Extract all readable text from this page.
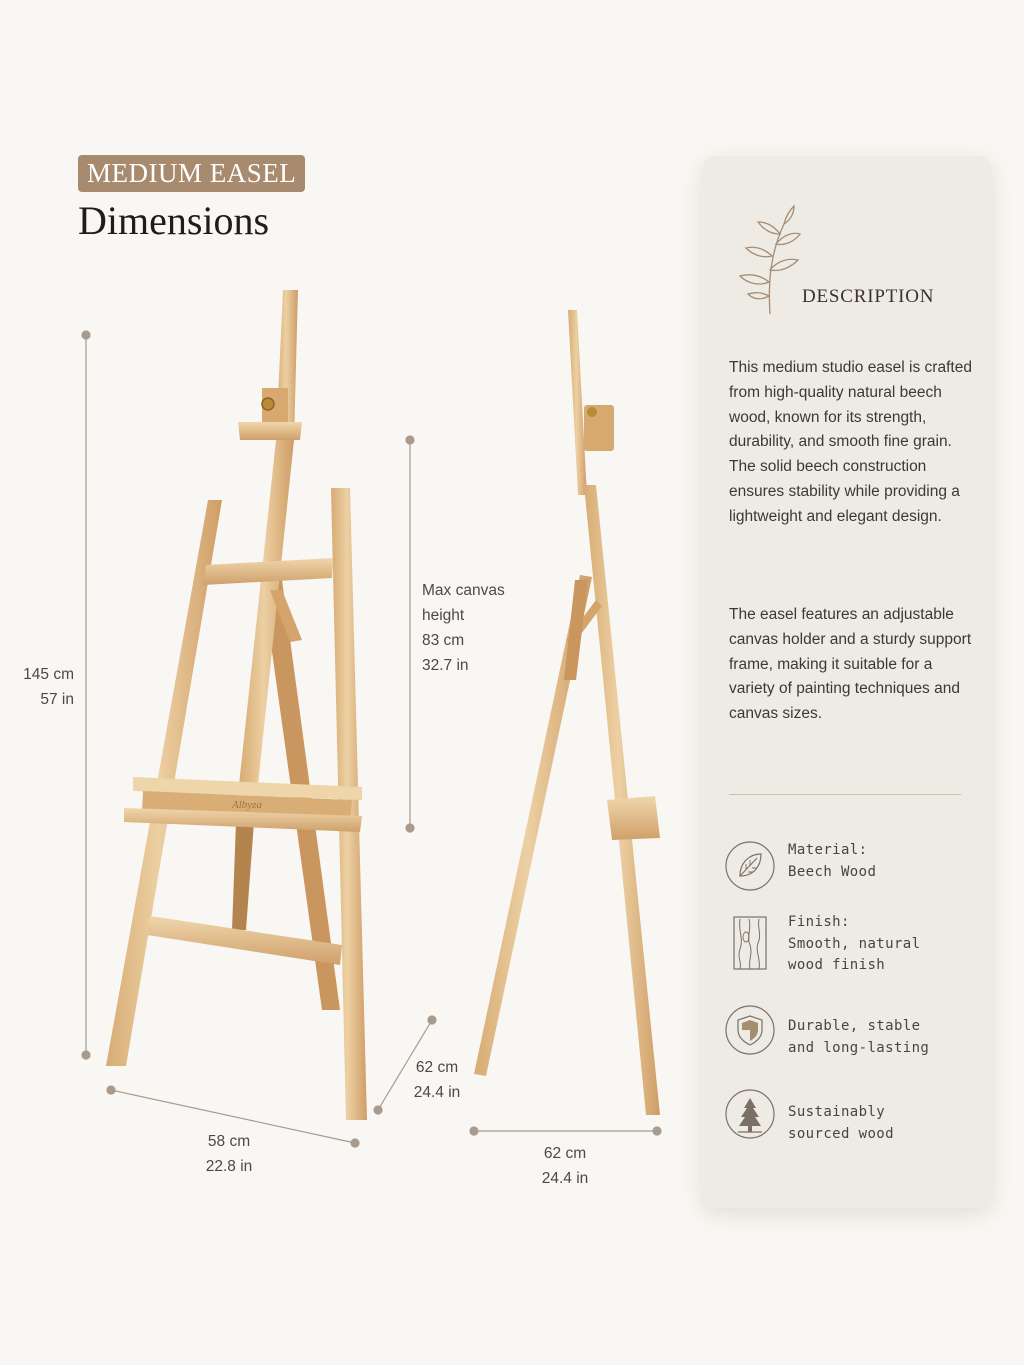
MEDIUM EASEL
Dimensions
Albyza
145 cm
57 in
Max canvas
height
83 cm
32.7 in
62 cm
24.4 in
58 cm
22.8 in
62 cm
24.4 in
DESCRIPTION
This medium studio easel is crafted from high-quality natural beech wood, known for its strength, durability, and smooth fine grain. The solid beech construction ensures stability while providing a lightweight and elegant design.
The easel features an adjustable canvas holder and a sturdy support frame, making it suitable for a variety of painting techniques and canvas sizes.
Material:
Beech Wood
Finish:
Smooth, natural
wood finish
Durable, stable
and long-lasting
Sustainably
sourced wood
